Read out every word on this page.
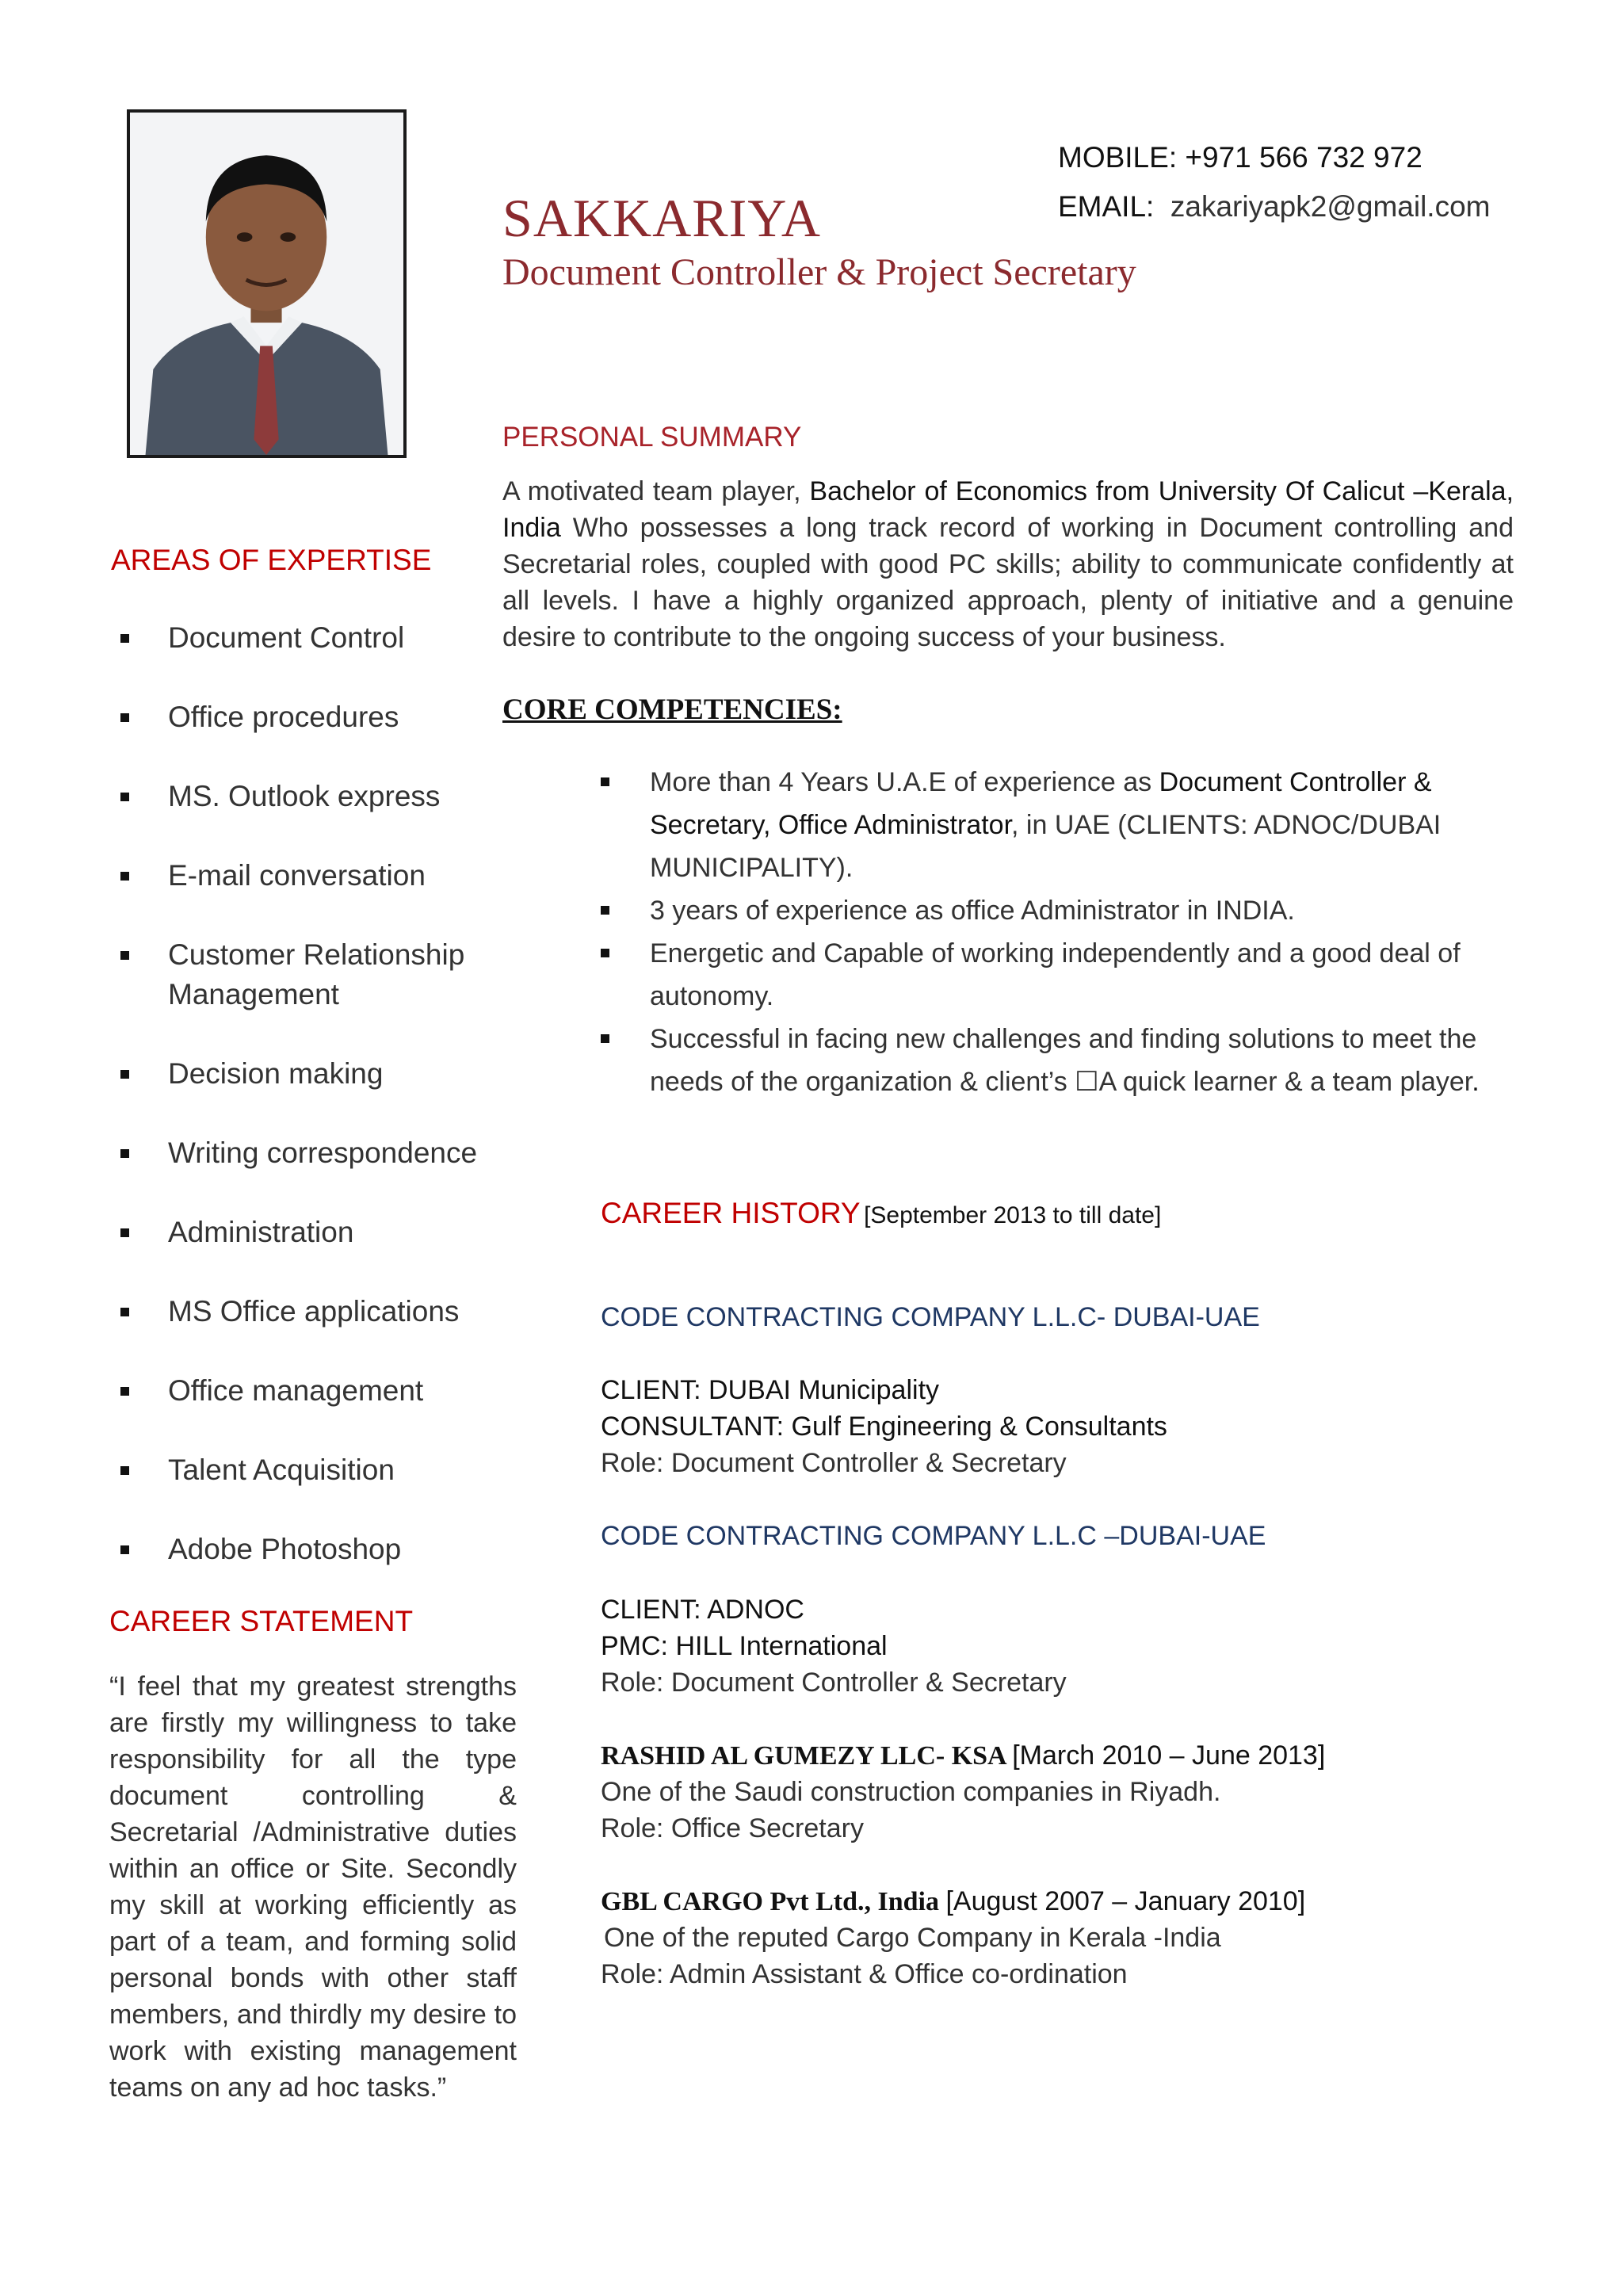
MOBILE: +971 566 732 972
EMAIL: zakariyapk2@gmail.com
SAKKARIYA
Document Controller & Project Secretary
PERSONAL SUMMARY
A motivated team player, Bachelor of Economics from University Of Calicut –Kerala, India Who possesses a long track record of working in Document controlling and Secretarial roles, coupled with good PC skills; ability to communicate confidently at all levels. I have a highly organized approach, plenty of initiative and a genuine desire to contribute to the ongoing success of your business.
CORE COMPETENCIES:
More than 4 Years U.A.E of experience as Document Controller & Secretary, Office Administrator, in UAE (CLIENTS: ADNOC/DUBAI MUNICIPALITY).
3 years of experience as office Administrator in INDIA.
Energetic and Capable of working independently and a good deal of autonomy.
Successful in facing new challenges and finding solutions to meet the needs of the organization & client’s ☐A quick learner & a team player.
AREAS OF EXPERTISE
Document Control
Office procedures
MS. Outlook express
E-mail conversation
Customer Relationship Management
Decision making
Writing correspondence
Administration
MS Office applications
Office management
Talent Acquisition
Adobe Photoshop
CAREER STATEMENT
“I feel that my greatest strengths are firstly my willingness to take responsibility for all the type document controlling & Secretarial /Administrative duties within an office or Site. Secondly my skill at working efficiently as part of a team, and forming solid personal bonds with other staff members, and thirdly my desire to work with existing management teams on any ad hoc tasks.”
CAREER HISTORY [September 2013 to till date]
CODE CONTRACTING COMPANY L.L.C- DUBAI-UAE
CLIENT: DUBAI Municipality
CONSULTANT: Gulf Engineering & Consultants
Role: Document Controller & Secretary
CODE CONTRACTING COMPANY L.L.C –DUBAI-UAE
CLIENT: ADNOC
PMC: HILL International
Role: Document Controller & Secretary
RASHID AL GUMEZY LLC- KSA [March 2010 – June 2013]
One of the Saudi construction companies in Riyadh.
Role: Office Secretary
GBL CARGO Pvt Ltd., India [August 2007 – January 2010]
One of the reputed Cargo Company in Kerala -India
Role: Admin Assistant & Office co-ordination
